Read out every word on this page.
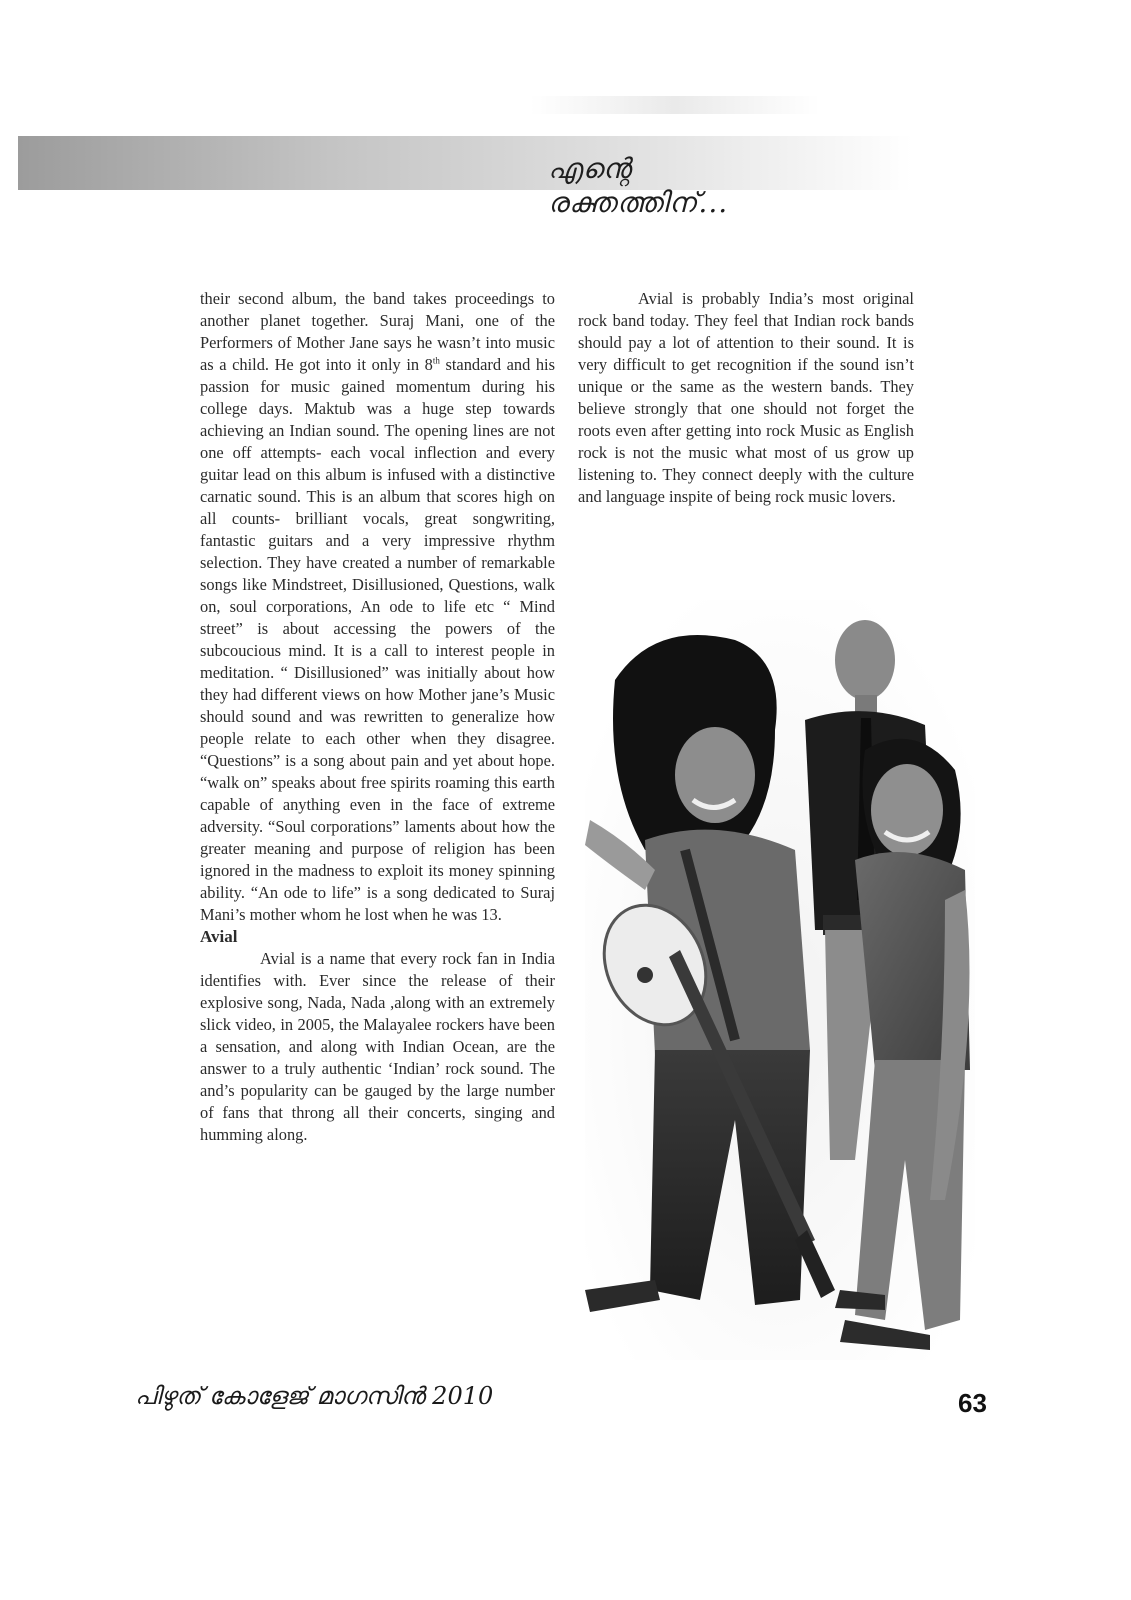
എന്റെ രക്തത്തിന്...

their second album, the band takes proceedings to another planet together. Suraj Mani, one of the Performers of Mother Jane says he wasn’t into music as a child. He got into it only in 8th standard and his passion for music gained momentum during his college days. Maktub was a huge step towards achieving an Indian sound. The opening lines are not one off attempts- each vocal inflection and every guitar lead on this album is infused with a distinctive carnatic sound. This is an album that scores high on all counts- brilliant vocals, great songwriting, fantastic guitars and a very impressive rhythm selection. They have created a number of remarkable songs like Mindstreet, Disillusioned, Questions, walk on, soul corporations, An ode to life etc “ Mind street” is about accessing the powers of the subcoucious mind. It is a call to interest people in meditation. “ Disillusioned” was initially about how they had different views on how Mother jane’s Music should sound and was rewritten to generalize how people relate to each other when they disagree. “Questions” is a song about pain and yet about hope. “walk on” speaks about free spirits roaming this earth capable of anything even in the face of extreme adversity. “Soul corporations” laments about how the greater meaning and purpose of religion has been ignored in the madness to exploit its money spinning ability. “An ode to life” is a song dedicated to Suraj Mani’s mother whom he lost when he was 13.

Avial

Avial is a name that every rock fan in India identifies with. Ever since the release of their explosive song, Nada, Nada ,along with an extremely slick video, in 2005, the Malayalee rockers have been a sensation, and along with Indian Ocean, are the answer to a truly authentic ‘Indian’ rock sound. The and’s popularity can be gauged by the large number of fans that throng all their concerts, singing and humming along.

Avial is probably India’s most original rock band today. They feel that Indian rock bands should pay a lot of attention to their sound. It is very difficult to get recognition if the sound isn’t unique or the same as the western bands. They believe strongly that one should not forget the roots even after getting into rock Music as English rock is not the music what most of us grow up listening to. They connect deeply with the culture and language inspite of being rock music lovers.

പിഴുത് കോളേജ് മാഗസിൻ 2010	63
